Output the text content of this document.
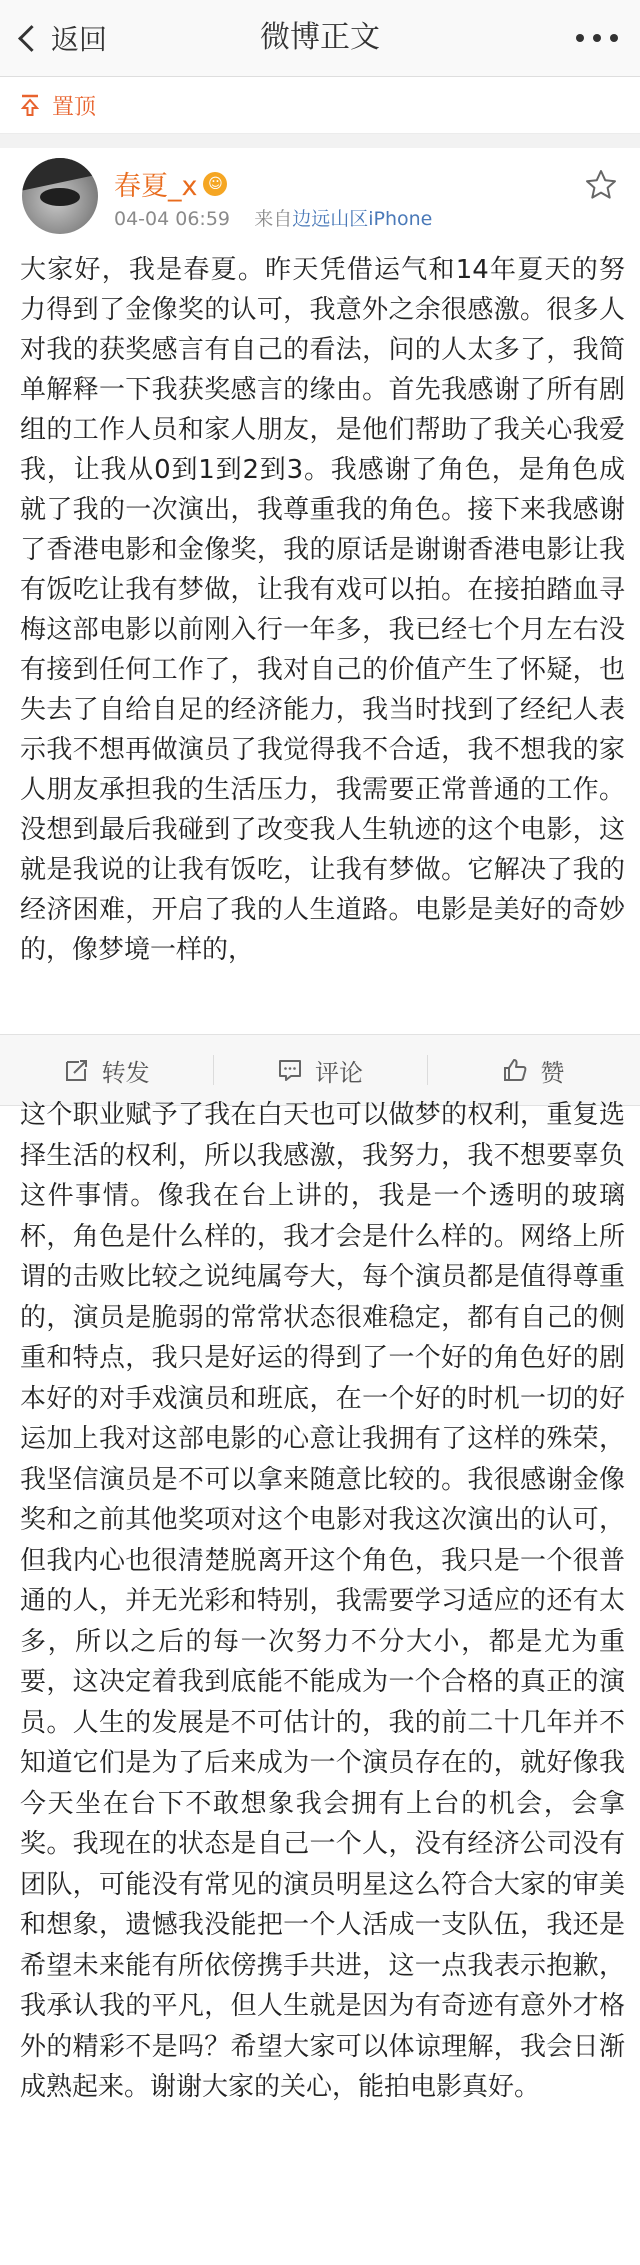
返回	微博正文
置顶
春夏_x ☺
04-04 06:59 来自边远山区iPhone
大家好，我是春夏。昨天凭借运气和14年夏天的努力得到了金像奖的认可，我意外之余很感激。很多人对我的获奖感言有自己的看法，问的人太多了，我简单解释一下我获奖感言的缘由。首先我感谢了所有剧组的工作人员和家人朋友，是他们帮助了我关心我爱我，让我从0到1到2到3。我感谢了角色，是角色成就了我的一次演出，我尊重我的角色。接下来我感谢了香港电影和金像奖，我的原话是谢谢香港电影让我有饭吃让我有梦做，让我有戏可以拍。在接拍踏血寻梅这部电影以前刚入行一年多，我已经七个月左右没有接到任何工作了，我对自己的价值产生了怀疑，也失去了自给自足的经济能力，我当时找到了经纪人表示我不想再做演员了我觉得我不合适，我不想我的家人朋友承担我的生活压力，我需要正常普通的工作。没想到最后我碰到了改变我人生轨迹的这个电影，这就是我说的让我有饭吃，让我有梦做。它解决了我的经济困难，开启了我的人生道路。电影是美好的奇妙的，像梦境一样的，
转发	评论	赞
这个职业赋予了我在白天也可以做梦的权利，重复选择生活的权利，所以我感激，我努力，我不想要辜负这件事情。像我在台上讲的，我是一个透明的玻璃杯，角色是什么样的，我才会是什么样的。网络上所谓的击败比较之说纯属夸大，每个演员都是值得尊重的，演员是脆弱的常常状态很难稳定，都有自己的侧重和特点，我只是好运的得到了一个好的角色好的剧本好的对手戏演员和班底，在一个好的时机一切的好运加上我对这部电影的心意让我拥有了这样的殊荣，我坚信演员是不可以拿来随意比较的。我很感谢金像奖和之前其他奖项对这个电影对我这次演出的认可，但我内心也很清楚脱离开这个角色，我只是一个很普通的人，并无光彩和特别，我需要学习适应的还有太多，所以之后的每一次努力不分大小，都是尤为重要，这决定着我到底能不能成为一个合格的真正的演员。人生的发展是不可估计的，我的前二十几年并不知道它们是为了后来成为一个演员存在的，就好像我今天坐在台下不敢想象我会拥有上台的机会，会拿奖。我现在的状态是自己一个人，没有经济公司没有团队，可能没有常见的演员明星这么符合大家的审美和想象，遗憾我没能把一个人活成一支队伍，我还是希望未来能有所依傍携手共进，这一点我表示抱歉，我承认我的平凡，但人生就是因为有奇迹有意外才格外的精彩不是吗？希望大家可以体谅理解，我会日渐成熟起来。谢谢大家的关心，能拍电影真好。
